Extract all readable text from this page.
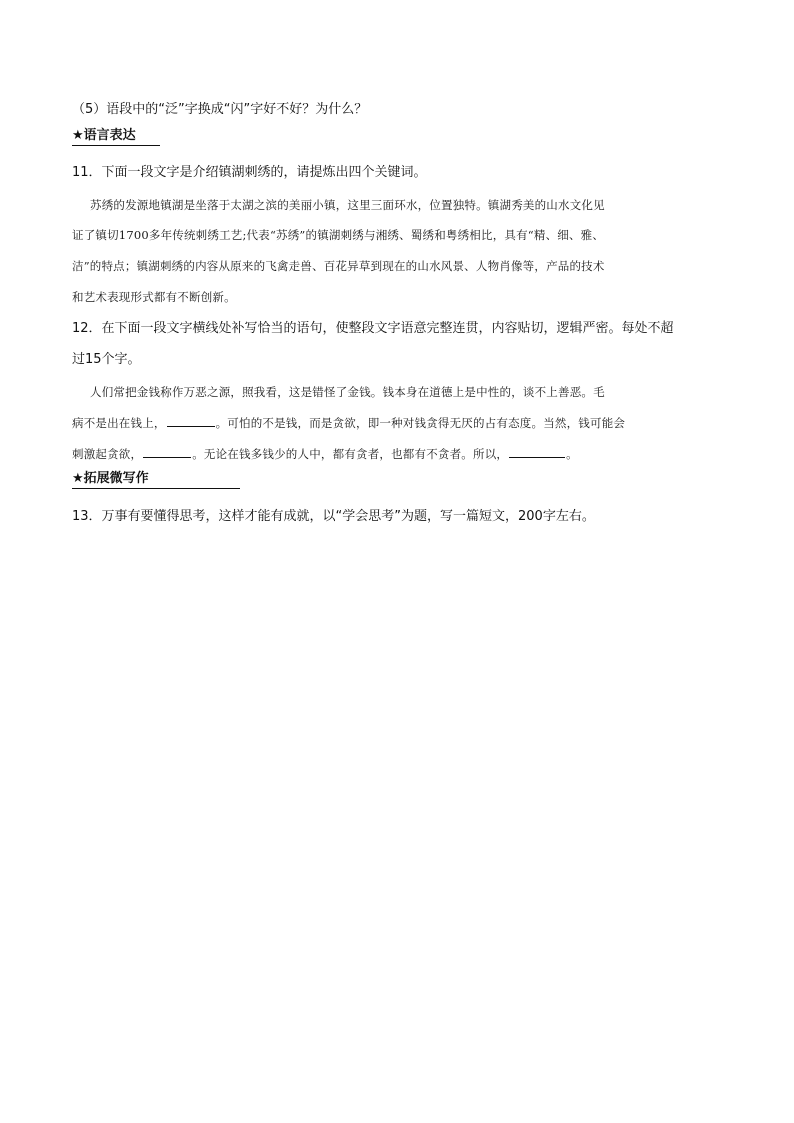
（5）语段中的“泛”字换成“闪”字好不好？为什么？
★语言表达
11．下面一段文字是介绍镇湖刺绣的，请提炼出四个关键词。
苏绣的发源地镇湖是坐落于太湖之滨的美丽小镇，这里三面环水，位置独特。镇湖秀美的山水文化见
证了镇切1700多年传统刺绣工艺;代表“苏绣”的镇湖刺绣与湘绣、蜀绣和粤绣相比，具有“精、细、雅、
洁”的特点；镇湖刺绣的内容从原来的飞禽走兽、百花异草到现在的山水风景、人物肖像等，产品的技术
和艺术表现形式都有不断创新。
12．在下面一段文字横线处补写恰当的语句，使整段文字语意完整连贯，内容贴切，逻辑严密。每处不超
过15个字。
人们常把金钱称作万恶之源，照我看，这是错怪了金钱。钱本身在道德上是中性的，谈不上善恶。毛
病不是出在钱上，	。可怕的不是钱，而是贪欲，即一种对钱贪得无厌的占有态度。当然，钱可能会
刺激起贪欲，	。无论在钱多钱少的人中，都有贪者，也都有不贪者。所以，	。
★拓展微写作
13．万事有要懂得思考，这样才能有成就，以“学会思考”为题，写一篇短文，200字左右。
